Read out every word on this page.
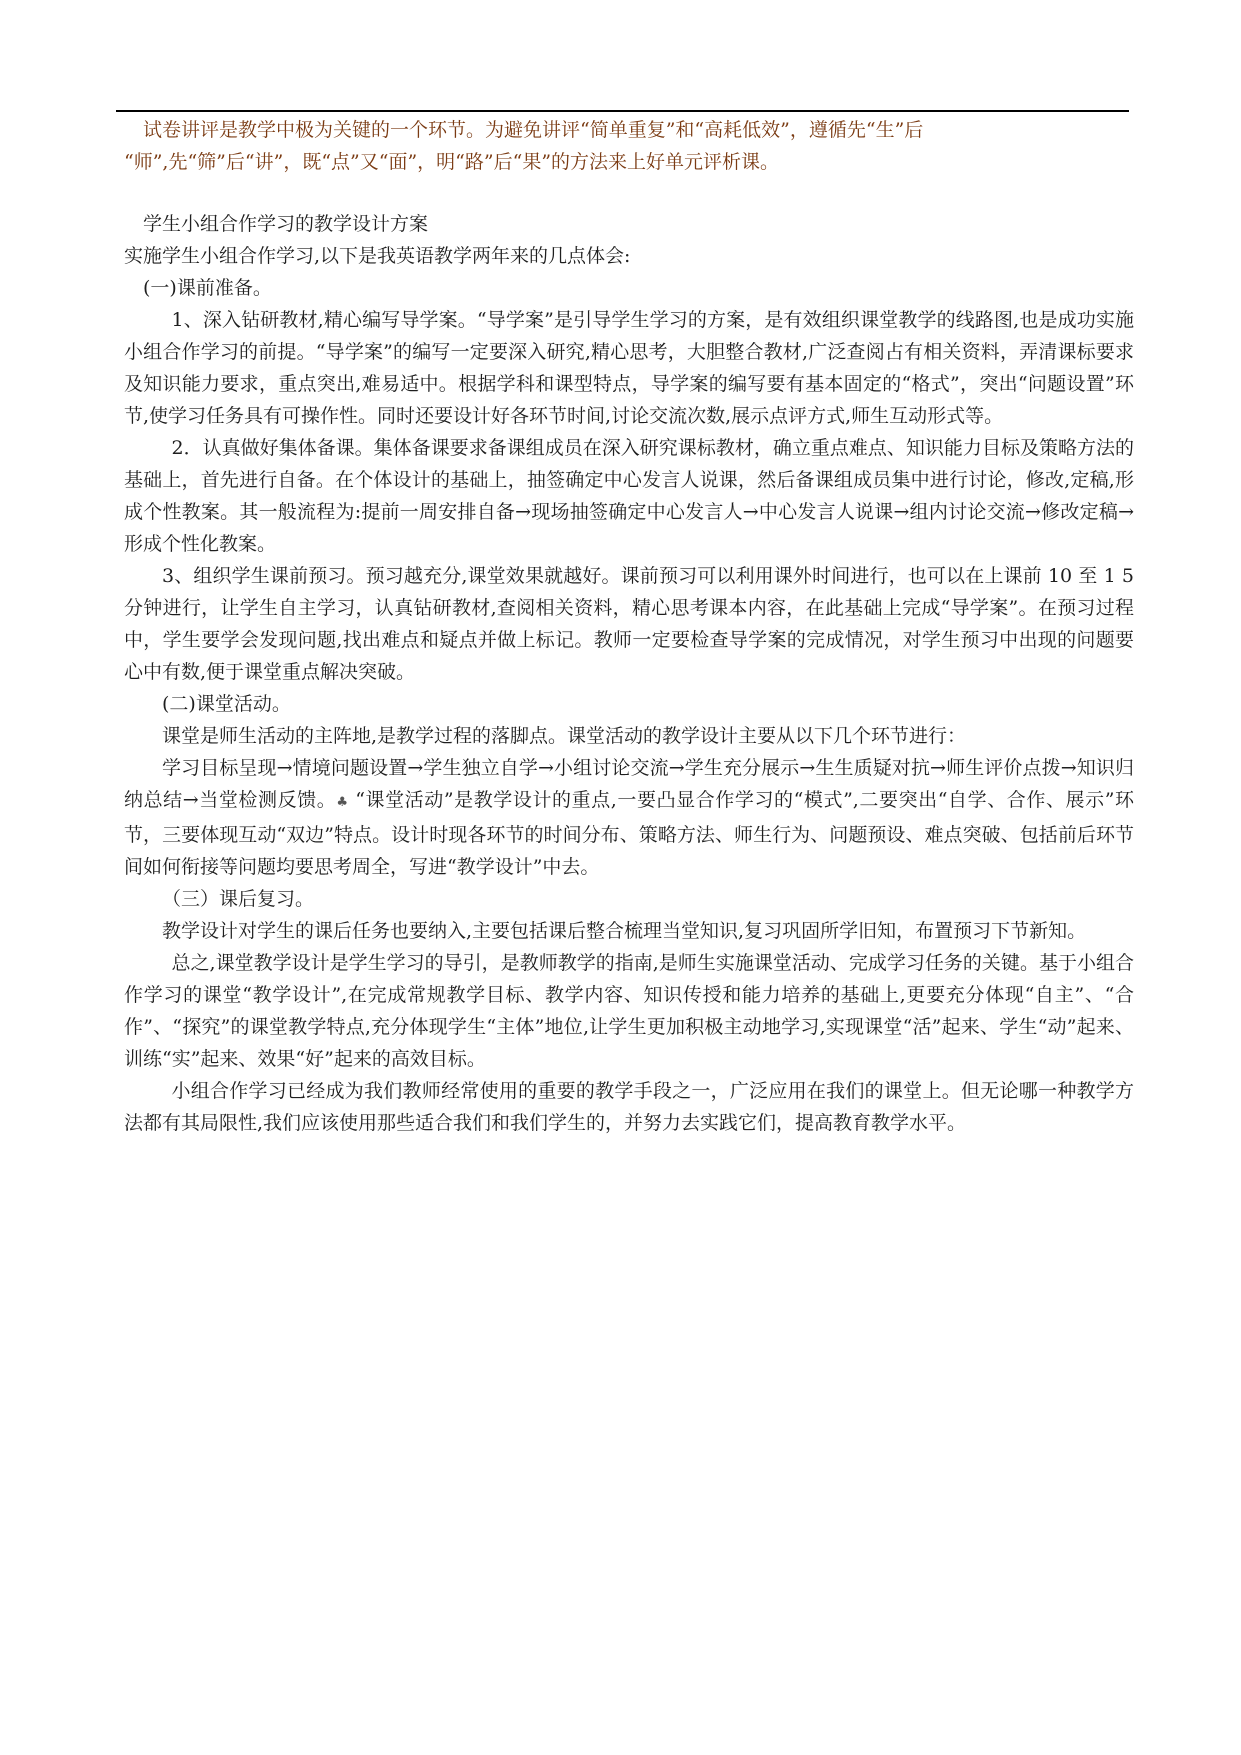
试卷讲评是教学中极为关键的一个环节。为避免讲评“简单重复”和“高耗低效”，遵循先“生”后

“师”,先“筛”后“讲”，既“点”又“面”，明“路”后“果”的方法来上好单元评析课。

学生小组合作学习的教学设计方案

实施学生小组合作学习,以下是我英语教学两年来的几点体会:

(一)课前准备。

1、深入钻研教材,精心编写导学案。“导学案”是引导学生学习的方案，是有效组织课堂教学的线路图,也是成功实施小组合作学习的前提。“导学案”的编写一定要深入研究,精心思考，大胆整合教材,广泛查阅占有相关资料，弄清课标要求及知识能力要求，重点突出,难易适中。根据学科和课型特点，导学案的编写要有基本固定的“格式”，突出“问题设置”环节,使学习任务具有可操作性。同时还要设计好各环节时间,讨论交流次数,展示点评方式,师生互动形式等。

2．认真做好集体备课。集体备课要求备课组成员在深入研究课标教材，确立重点难点、知识能力目标及策略方法的基础上，首先进行自备。在个体设计的基础上，抽签确定中心发言人说课，然后备课组成员集中进行讨论，修改,定稿,形成个性教案。其一般流程为:提前一周安排自备→现场抽签确定中心发言人→中心发言人说课→组内讨论交流→修改定稿→形成个性化教案。

3、组织学生课前预习。预习越充分,课堂效果就越好。课前预习可以利用课外时间进行，也可以在上课前 10 至 1 5 分钟进行，让学生自主学习，认真钻研教材,查阅相关资料，精心思考课本内容，在此基础上完成“导学案”。在预习过程中，学生要学会发现问题,找出难点和疑点并做上标记。教师一定要检查导学案的完成情况，对学生预习中出现的问题要心中有数,便于课堂重点解决突破。

(二)课堂活动。

课堂是师生活动的主阵地,是教学过程的落脚点。课堂活动的教学设计主要从以下几个环节进行：

学习目标呈现→情境问题设置→学生独立自学→小组讨论交流→学生充分展示→生生质疑对抗→师生评价点拨→知识归纳总结→当堂检测反馈。♣ “课堂活动”是教学设计的重点,一要凸显合作学习的“模式”,二要突出“自学、合作、展示”环节，三要体现互动“双边”特点。设计时现各环节的时间分布、策略方法、师生行为、问题预设、难点突破、包括前后环节间如何衔接等问题均要思考周全，写进“教学设计”中去。

（三）课后复习。

教学设计对学生的课后任务也要纳入,主要包括课后整合梳理当堂知识,复习巩固所学旧知，布置预习下节新知。

总之,课堂教学设计是学生学习的导引，是教师教学的指南,是师生实施课堂活动、完成学习任务的关键。基于小组合作学习的课堂“教学设计”,在完成常规教学目标、教学内容、知识传授和能力培养的基础上,更要充分体现“自主”、“合作”、“探究”的课堂教学特点,充分体现学生“主体”地位,让学生更加积极主动地学习,实现课堂“活”起来、学生“动”起来、训练“实”起来、效果“好”起来的高效目标。

小组合作学习已经成为我们教师经常使用的重要的教学手段之一，广泛应用在我们的课堂上。但无论哪一种教学方法都有其局限性,我们应该使用那些适合我们和我们学生的，并努力去实践它们，提高教育教学水平。
